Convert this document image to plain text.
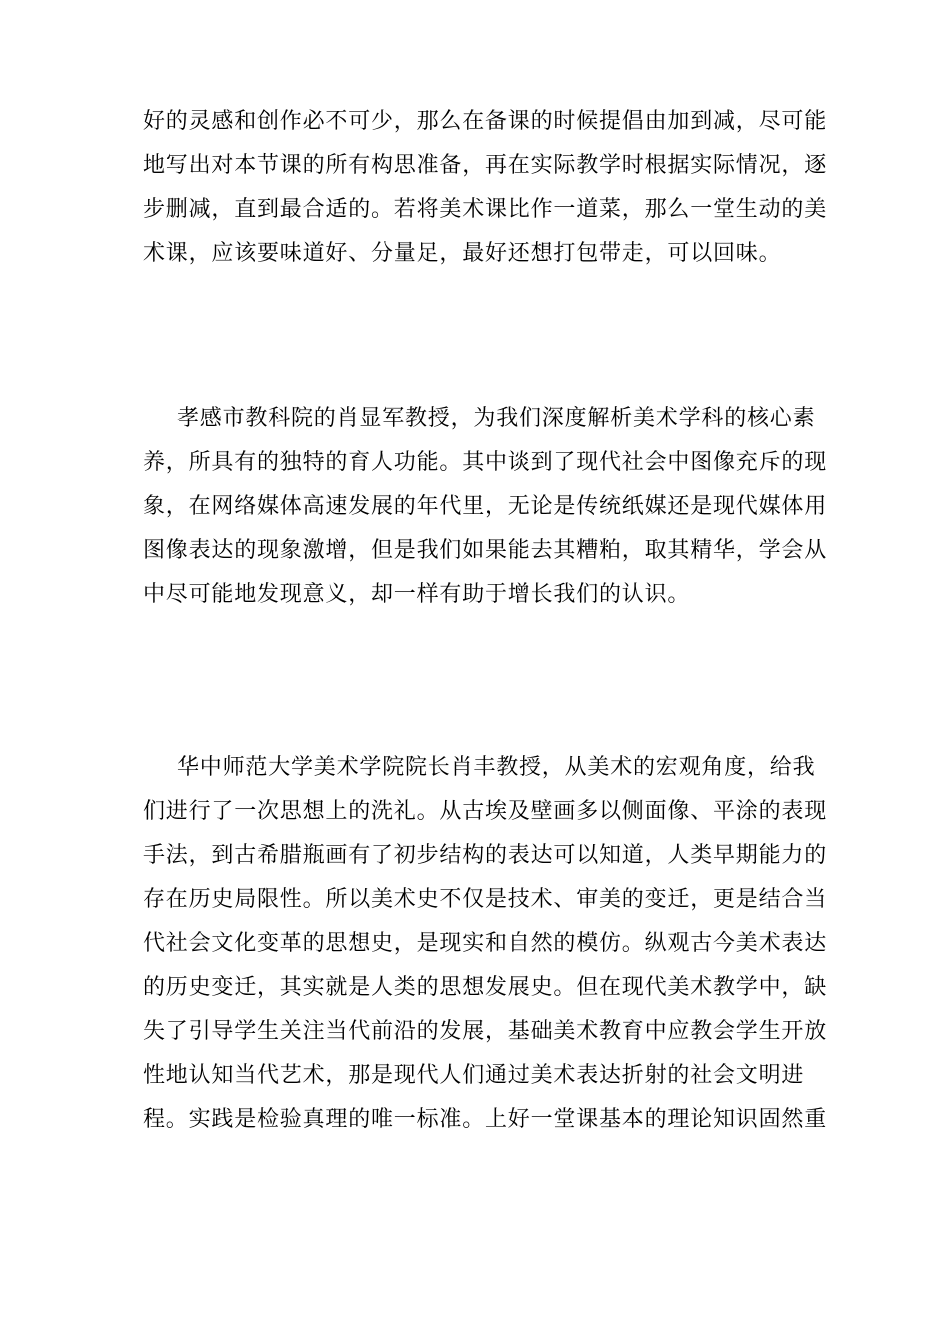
好的灵感和创作必不可少，那么在备课的时候提倡由加到减，尽可能
地写出对本节课的所有构思准备，再在实际教学时根据实际情况，逐
步删减，直到最合适的。若将美术课比作一道菜，那么一堂生动的美
术课，应该要味道好、分量足，最好还想打包带走，可以回味。
孝感市教科院的肖显军教授，为我们深度解析美术学科的核心素
养，所具有的独特的育人功能。其中谈到了现代社会中图像充斥的现
象，在网络媒体高速发展的年代里，无论是传统纸媒还是现代媒体用
图像表达的现象激增，但是我们如果能去其糟粕，取其精华，学会从
中尽可能地发现意义，却一样有助于增长我们的认识。
华中师范大学美术学院院长肖丰教授，从美术的宏观角度，给我
们进行了一次思想上的洗礼。从古埃及壁画多以侧面像、平涂的表现
手法，到古希腊瓶画有了初步结构的表达可以知道，人类早期能力的
存在历史局限性。所以美术史不仅是技术、审美的变迁，更是结合当
代社会文化变革的思想史，是现实和自然的模仿。纵观古今美术表达
的历史变迁，其实就是人类的思想发展史。但在现代美术教学中，缺
失了引导学生关注当代前沿的发展，基础美术教育中应教会学生开放
性地认知当代艺术，那是现代人们通过美术表达折射的社会文明进
程。实践是检验真理的唯一标准。上好一堂课基本的理论知识固然重
